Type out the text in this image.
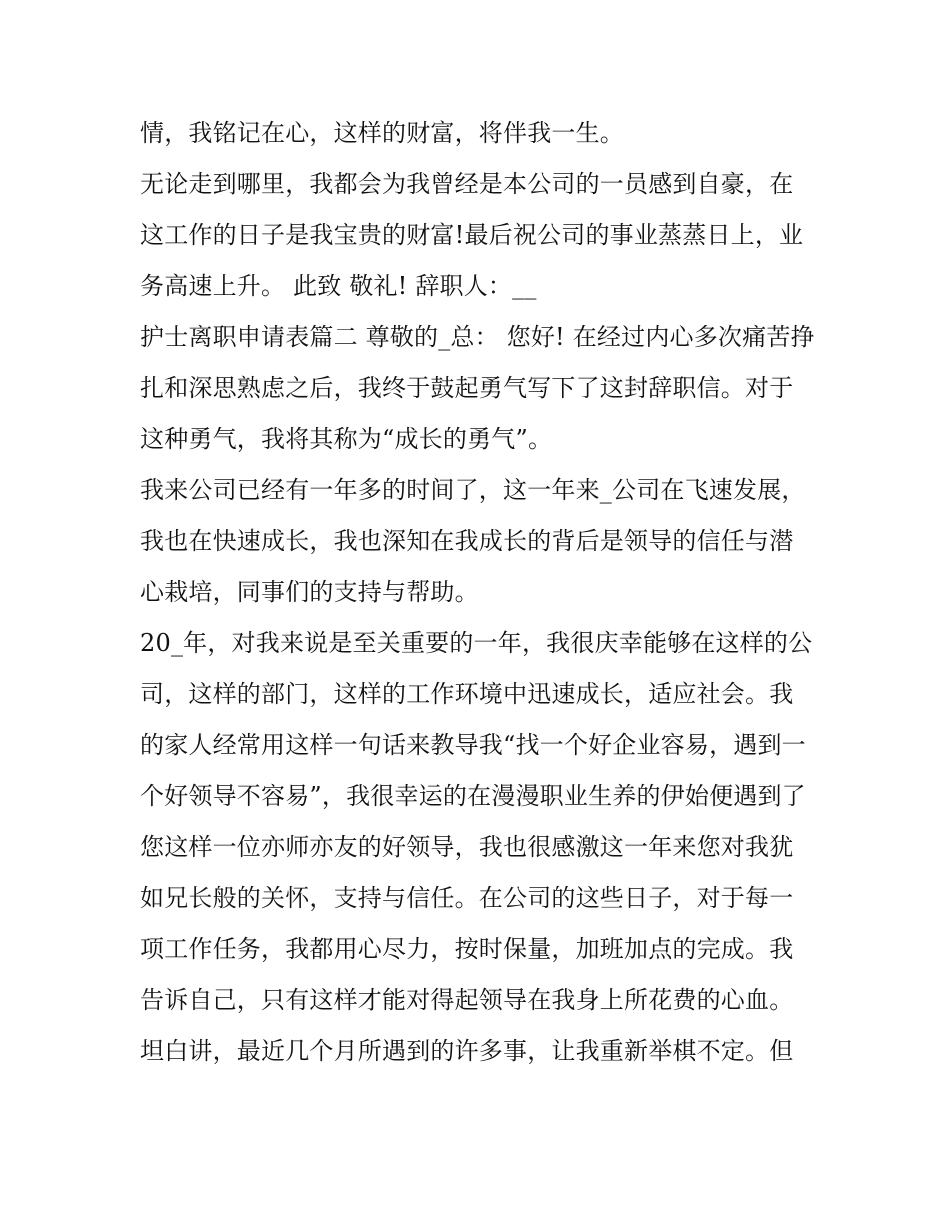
情，我铭记在心，这样的财富，将伴我一生。

无论走到哪里，我都会为我曾经是本公司的一员感到自豪，在这工作的日子是我宝贵的财富!最后祝公司的事业蒸蒸日上，业务高速上升。 此致 敬礼! 辞职人：__

护士离职申请表篇二 尊敬的_总： 您好! 在经过内心多次痛苦挣扎和深思熟虑之后，我终于鼓起勇气写下了这封辞职信。对于这种勇气，我将其称为“成长的勇气”。

我来公司已经有一年多的时间了，这一年来_公司在飞速发展，我也在快速成长，我也深知在我成长的背后是领导的信任与潜心栽培，同事们的支持与帮助。

20_年，对我来说是至关重要的一年，我很庆幸能够在这样的公司，这样的部门，这样的工作环境中迅速成长，适应社会。我的家人经常用这样一句话来教导我“找一个好企业容易，遇到一个好领导不容易”，我很幸运的在漫漫职业生养的伊始便遇到了您这样一位亦师亦友的好领导，我也很感激这一年来您对我犹如兄长般的关怀，支持与信任。在公司的这些日子，对于每一项工作任务，我都用心尽力，按时保量，加班加点的完成。我告诉自己，只有这样才能对得起领导在我身上所花费的心血。

坦白讲，最近几个月所遇到的许多事，让我重新举棋不定。但
